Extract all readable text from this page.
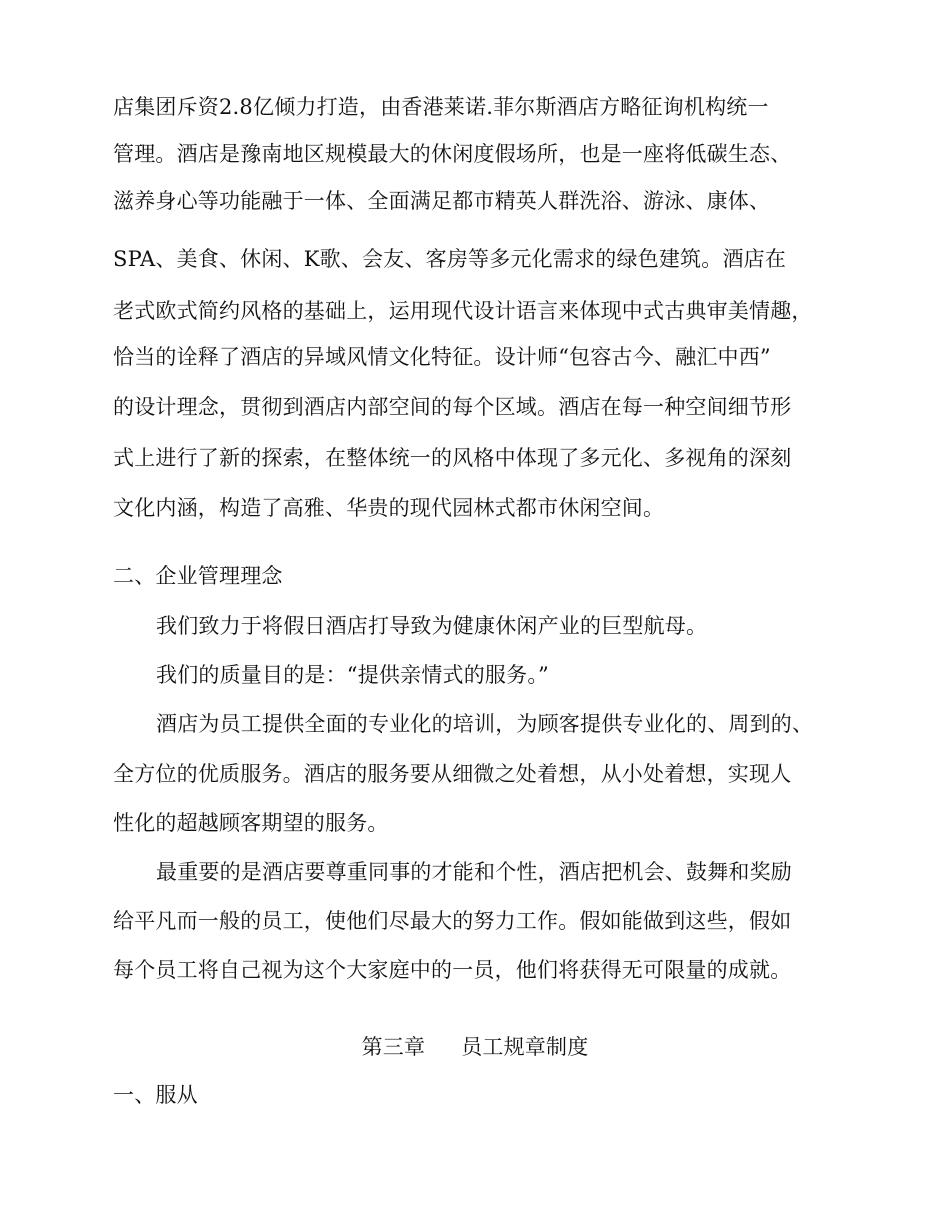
店集团斥资2.8亿倾力打造，由香港莱诺.菲尔斯酒店方略征询机构统一
管理。酒店是豫南地区规模最大的休闲度假场所，也是一座将低碳生态、
滋养身心等功能融于一体、全面满足都市精英人群洗浴、游泳、康体、
SPA、美食、休闲、K歌、会友、客房等多元化需求的绿色建筑。酒店在
老式欧式简约风格的基础上，运用现代设计语言来体现中式古典审美情趣，
恰当的诠释了酒店的异域风情文化特征。设计师“包容古今、融汇中西”
的设计理念，贯彻到酒店内部空间的每个区域。酒店在每一种空间细节形
式上进行了新的探索，在整体统一的风格中体现了多元化、多视角的深刻
文化内涵，构造了高雅、华贵的现代园林式都市休闲空间。
二、企业管理理念
我们致力于将假日酒店打导致为健康休闲产业的巨型航母。
我们的质量目的是：“提供亲情式的服务。”
酒店为员工提供全面的专业化的培训，为顾客提供专业化的、周到的、
全方位的优质服务。酒店的服务要从细微之处着想，从小处着想，实现人
性化的超越顾客期望的服务。
最重要的是酒店要尊重同事的才能和个性，酒店把机会、鼓舞和奖励
给平凡而一般的员工，使他们尽最大的努力工作。假如能做到这些，假如
每个员工将自己视为这个大家庭中的一员，他们将获得无可限量的成就。
第三章 员工规章制度
一、服从
